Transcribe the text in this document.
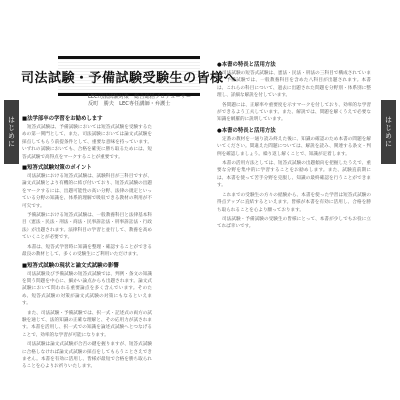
はじめに	はじめに
司法試験・予備試験受験生の皆様へ
LEC司法試験対策　総合総括プロデューサー
反町　勝夫　LEC専任講師・弁護士
■法学部卒の学習をお勧めします

短答式試験は、予備試験においては短答式試験を受験するための第一関門として、また、司法試験においては論文式試験を採点してもらう前提条件として、重要な意味を持っています。いずれの試験においても、合格を確実に勝ち取るためには、短答式試験で高得点をマークすることが重要です。

■短答式試験対策のポイント

司法試験における短答式試験は、試験科目が三科目ですが、論文式試験とより有機的に結び付いており、短答式試験の出題をマークするには、出題可能性の高い分野、法律の規定といっている分野の知識を、体系的理解で吸収できる教材の利用が不可欠です。

予備試験における短答式試験は、一般教養科目と法律基本科目（憲法・民法・刑法・商法・民事訴訟法・刑事訴訟法・行政法）が出題されます。法律科目の学習と並行して、教養を高めていくことが必要です。

本書は、短答式学習時に知識を整理・確認することができる最良の教材として、多くの受験生にご利用いただけます。

■短答式試験の現状と論文式試験の影響

司法試験及び予備試験の短答式試験では、判例・条文の知識を問う問題を中心に、細かい論点からも出題されます。論文式試験において問われる重要論点を多く含んでいます。そのため、短答式試験の対策が論文式試験の対策にもなるといえます。

また、司法試験・予備試験では、択一式・記述式の両方の試験を通じて、法的知識の正確な理解と、その応用力が試されます。本書を活用し、択一式での知識を論述式試験へとつなげることで、効率的な学習が可能になります。

司法試験は論文式試験が合否の鍵を握りますが、短答式試験に合格しなければ論文式試験の採点をしてもらうことさえできません。本書を有効に活用し、皆様が最短で合格を勝ち取られることを心よりお祈りいたします。

●本書の特長と活用方法

司法試験の短答式試験は、憲法・民法・刑法の三科目で構成されています。予備試験では、一般教養科目を含めた八科目が出題されます。本書は、これらの科目について、過去に出題された問題を分野別・体系別に整理し、詳細な解説を付しています。

各問題には、正解率や重要度を示すマークを付しており、効率的な学習ができるよう工夫しています。また、解説では、問題を解くうえで必要な知識を網羅的に説明しています。

●本書の特長と活用方法

定番の教材を一通り読み終えた後に、知識の確認のため本書の問題を解いてください。間違えた問題については、解説を読み、関連する条文・判例を確認しましょう。繰り返し解くことで、知識が定着します。

本書の活用方法としては、短答式試験の出題傾向を把握したうえで、重要な分野を集中的に学習することをお勧めします。また、試験直前期には、本書を使って苦手分野を克服し、知識の最終確認を行うことができます。

これまでの受験生の方々の経験から、本書を使った学習は短答式試験の得点アップに直結するといえます。皆様が本書を有効に活用し、合格を勝ち取られることを心より願っております。

司法試験・予備試験の受験生の皆様にとって、本書が少しでもお役に立てれば幸いです。
